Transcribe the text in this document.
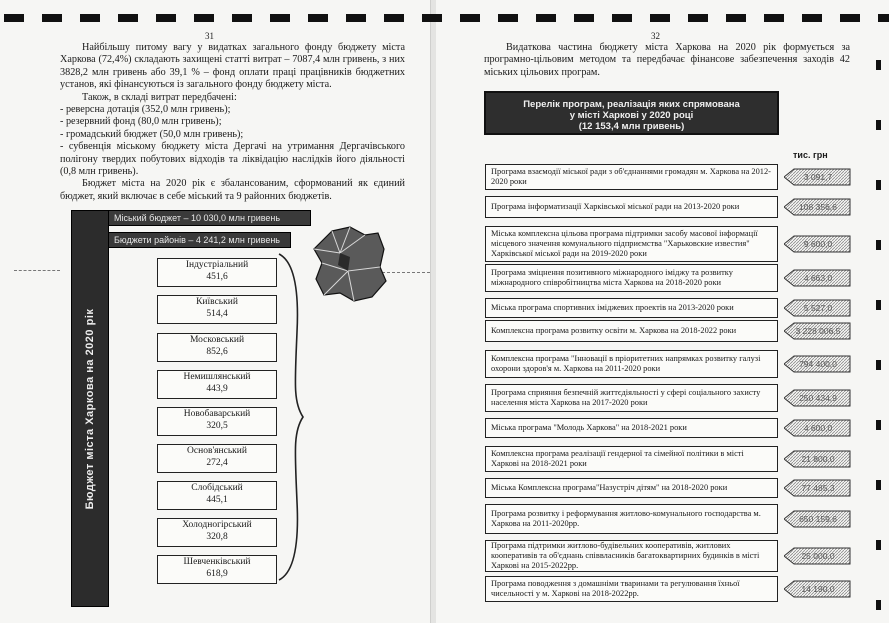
31	32

Найбільшу питому вагу у видатках загального фонду бюджету міста Харкова (72,4%) складають захищені статті витрат – 7087,4 млн гривень, з них 3828,2 млн гривень або 39,1 % – фонд оплати праці працівників бюджетних установ, які фінансуються із загального фонду бюджету міста.

Також, в складі витрат передбачені:

- реверсна дотація (352,0 млн гривень);

- резервний фонд (80,0 млн гривень);

- громадський бюджет (50,0 млн гривень);

- субвенція міському бюджету міста Дергачі на утримання Дергачівського полігону твердих побутових відходів та ліквідацію наслідків його діяльності (0,8 млн гривень).

Бюджет міста на 2020 рік є збалансованим, сформований як єдиний бюджет, який включає в себе міський та 9 районних бюджетів.

Міський бюджет – 10 030,0 млн гривень
Бюджети районів – 4 241,2 млн гривень
Бюджет міста Харкова на 2020 рік
Індустріальний
451,6
Київський
514,4
Московський
852,6
Немишлянський
443,9
Новобаварський
320,5
Основ'янський
272,4
Слобідський
445,1
Холодногірський
320,8
Шевченківський
618,9

Видаткова частина бюджету міста Харкова на 2020 рік формується за програмно-цільовим методом та передбачає фінансове забезпечення заходів 42 міських цільових програм.

Перелік програм, реалізація яких спрямована
у місті Харкові у 2020 році
(12 153,4 млн гривень)
тис. грн
Програма взаємодії міської ради з об'єднаннями громадян м. Харкова на 2012-2020 роки	3 091,7
Програма інформатизації Харківської міської ради на 2013-2020 роки	108 356,6
Міська комплексна цільова програма підтримки засобу масової інформації місцевого значення комунального підприємства "Харьковские известия" Харківської міської ради на 2019-2020 роки
9 600,0
Програма зміцнення позитивного міжнародного іміджу та розвитку міжнародного співробітництва міста Харкова на 2018-2020 роки	4 663,0
Міська програма спортивних іміджевих проектів на 2013-2020 роки	5 527,0
Комплексна програма розвитку освіти м. Харкова на 2018-2022 роки	3 228 006,5
Комплексна програма "Інновації в пріоритетних напрямках розвитку галузі охорони здоров'я м. Харкова на 2011-2020 роки	794 400,0
Програма сприяння безпечній життєдіяльності у сфері соціального захисту населення міста Харкова на 2017-2020 роки	250 434,9
Міська програма "Молодь Харкова" на 2018-2021 роки	4 600,0
Комплексна програма реалізації гендерної та сімейної політики в місті Харкові на 2018-2021 роки	21 800,0
Міська Комплексна програма"Назустріч дітям" на 2018-2020 роки	77 485,3
Програма розвитку і реформування житлово-комунального господарства м. Харкова на 2011-2020рр.	650 159,6
Програма підтримки житлово-будівельних кооперативів, житлових кооперативів та об'єднань співвласників багатоквартирних будинків в місті Харкові на 2015-2022рр.
25 000,0
Програма поводження з домашніми тваринами та регулювання їхньої чисельності у м. Харкові на 2018-2022рр.	14 190,0
